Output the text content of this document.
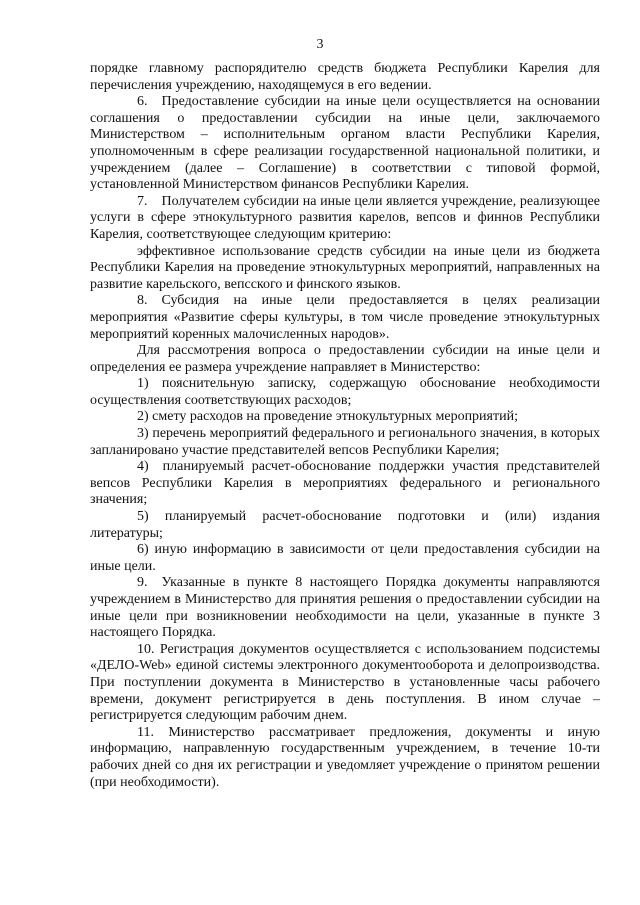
3

порядке главному распорядителю средств бюджета Республики Карелия для перечисления учреждению, находящемуся в его ведении.

6. Предоставление субсидии на иные цели осуществляется на основании соглашения о предоставлении субсидии на иные цели, заключаемого Министерством – исполнительным органом власти Республики Карелия, уполномоченным в сфере реализации государственной национальной политики, и учреждением (далее – Соглашение) в соответствии с типовой формой, установленной Министерством финансов Республики Карелия.

7. Получателем субсидии на иные цели является учреждение, реализующее услуги в сфере этнокультурного развития карелов, вепсов и финнов Республики Карелия, соответствующее следующим критерию:

эффективное использование средств субсидии на иные цели из бюджета Республики Карелия на проведение этнокультурных мероприятий, направленных на развитие карельского, вепсского и финского языков.

8. Субсидия на иные цели предоставляется в целях реализации мероприятия «Развитие сферы культуры, в том числе проведение этнокультурных мероприятий коренных малочисленных народов».

Для рассмотрения вопроса о предоставлении субсидии на иные цели и определения ее размера учреждение направляет в Министерство:

1) пояснительную записку, содержащую обоснование необходимости осуществления соответствующих расходов;

2) смету расходов на проведение этнокультурных мероприятий;

3) перечень мероприятий федерального и регионального значения, в которых запланировано участие представителей вепсов Республики Карелия;

4) планируемый расчет-обоснование поддержки участия представителей вепсов Республики Карелия в мероприятиях федерального и регионального значения;

5) планируемый расчет-обоснование подготовки и (или) издания литературы;

6) иную информацию в зависимости от цели предоставления субсидии на иные цели.

9. Указанные в пункте 8 настоящего Порядка документы направляются учреждением в Министерство для принятия решения о предоставлении субсидии на иные цели при возникновении необходимости на цели, указанные в пункте 3 настоящего Порядка.

10. Регистрация документов осуществляется с использованием подсистемы «ДЕЛО-Web» единой системы электронного документооборота и делопроизводства. При поступлении документа в Министерство в установленные часы рабочего времени, документ регистрируется в день поступления. В ином случае – регистрируется следующим рабочим днем.

11. Министерство рассматривает предложения, документы и иную информацию, направленную государственным учреждением, в течение 10-ти рабочих дней со дня их регистрации и уведомляет учреждение о принятом решении (при необходимости).
